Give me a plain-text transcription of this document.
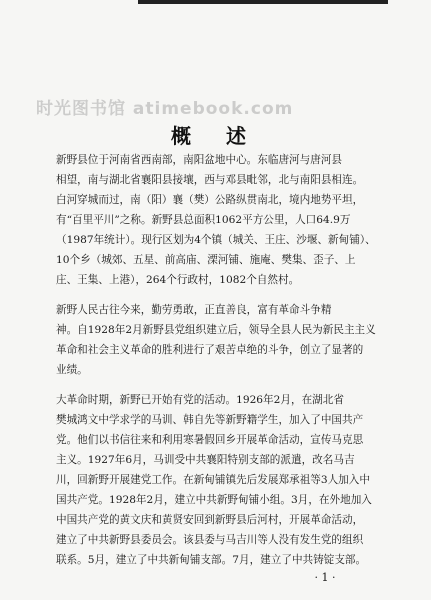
时光图书馆 atimebook.com
概 述
新野县位于河南省西南部，南阳盆地中心。东临唐河与唐河县
相望，南与湖北省襄阳县接壤，西与邓县毗邻，北与南阳县相连。
白河穿城而过，南（阳）襄（樊）公路纵贯南北，境内地势平坦，
有“百里平川”之称。新野县总面积1062平方公里，人口64.9万
（1987年统计）。现行区划为4个镇（城关、王庄、沙堰、新甸铺）、
10个乡（城郊、五星、前高庙、溧河铺、施庵、樊集、歪子、上
庄、王集、上港），264个行政村，1082个自然村。
新野人民古往今来，勤劳勇敢，正直善良，富有革命斗争精
神。自1928年2月新野县党组织建立后，领导全县人民为新民主主义
革命和社会主义革命的胜利进行了艰苦卓绝的斗争，创立了显著的
业绩。
大革命时期，新野已开始有党的活动。1926年2月，在湖北省
樊城鸿文中学求学的马训、韩自先等新野籍学生，加入了中国共产
党。他们以书信往来和利用寒暑假回乡开展革命活动，宣传马克思
主义。1927年6月，马训受中共襄阳特别支部的派遣，改名马吉
川，回新野开展建党工作。在新甸铺镇先后发展郑承祖等3人加入中
国共产党。1928年2月，建立中共新野甸铺小组。3月，在外地加入
中国共产党的黄文庆和黄贤安回到新野县后河村，开展革命活动，
建立了中共新野县委员会。该县委与马吉川等人没有发生党的组织
联系。5月，建立了中共新甸铺支部。7月，建立了中共铸锭支部。
· 1 ·
